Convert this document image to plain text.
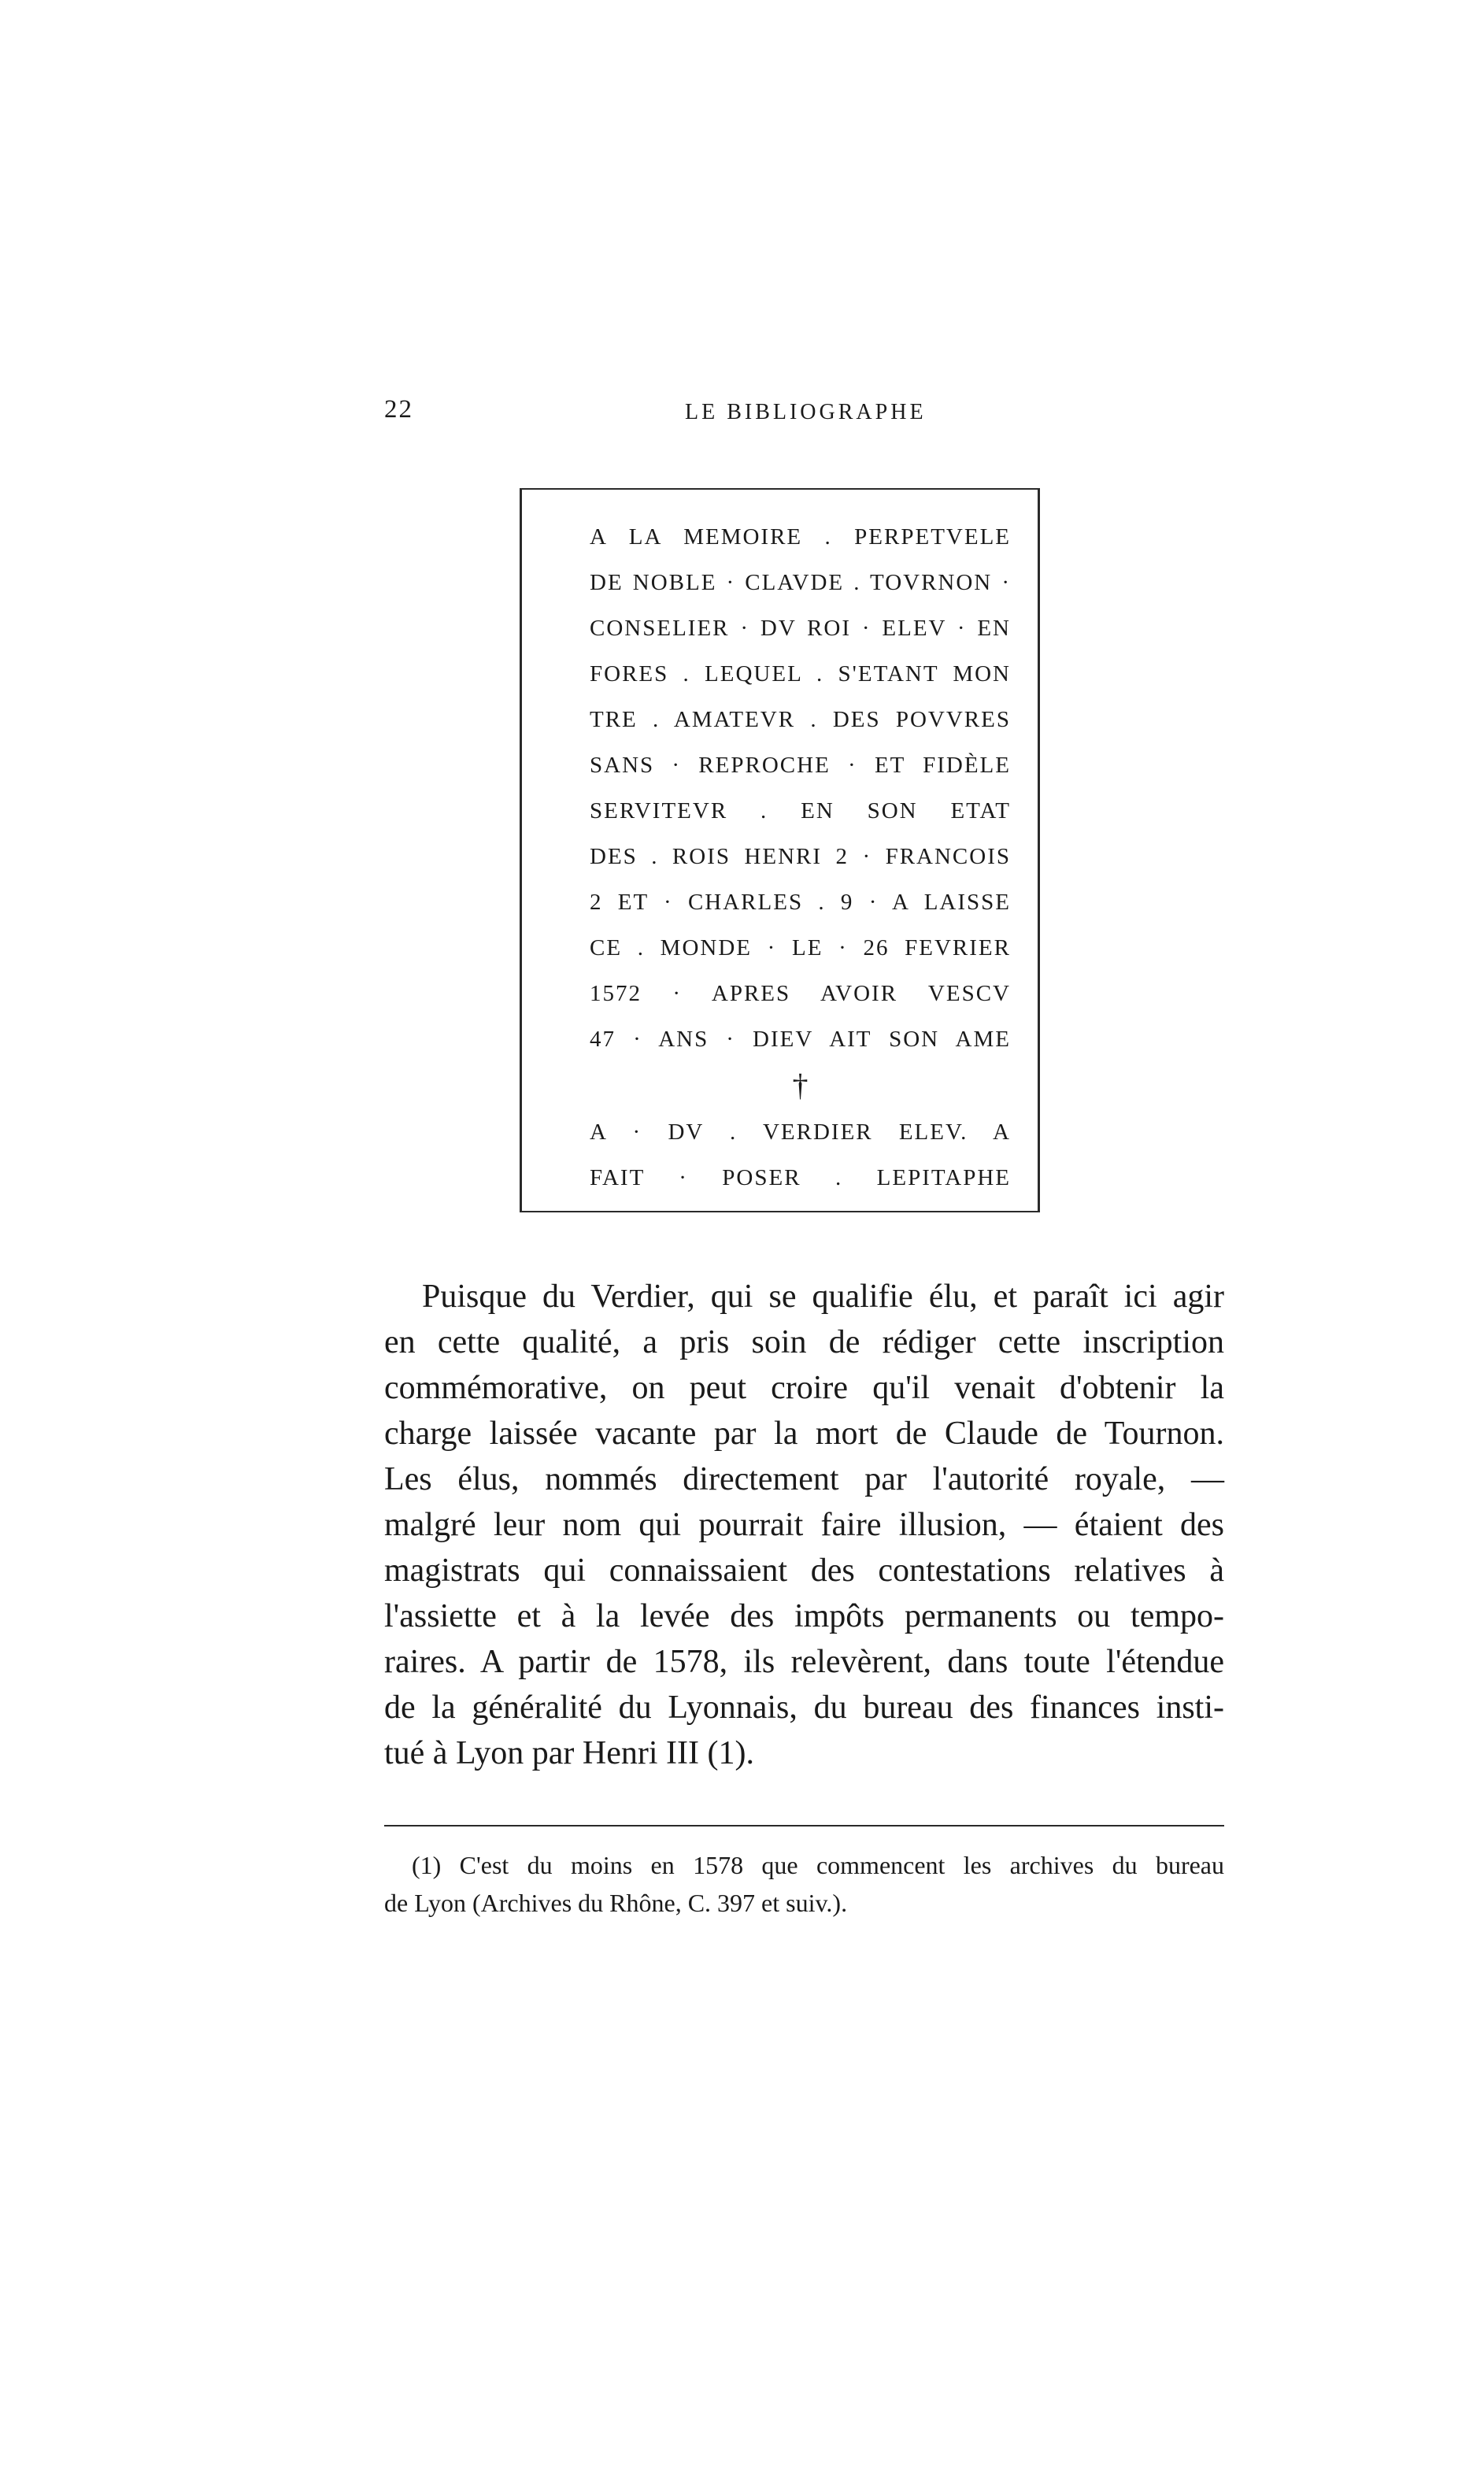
22	LE BIBLIOGRAPHE
A LA MEMOIRE . PERPETVELE
DE NOBLE · CLAVDE . TOVRNON ·
CONSELIER · DV ROI · ELEV · EN
FORES . LEQUEL . S'ETANT MON
TRE . AMATEVR . DES POVVRES
SANS · REPROCHE · ET FIDÈLE
SERVITEVR . EN SON ETAT
DES . ROIS HENRI 2 · FRANCOIS
2 ET · CHARLES . 9 · A LAISSE
CE . MONDE · LE · 26 FEVRIER
1572 · APRES AVOIR VESCV
47 · ANS · DIEV AIT SON AME
†
A · DV . VERDIER ELEV. A
FAIT · POSER . LEPITAPHE
Puisque du Verdier, qui se qualifie élu, et paraît ici agir
en cette qualité, a pris soin de rédiger cette inscription
commémorative, on peut croire qu'il venait d'obtenir la
charge laissée vacante par la mort de Claude de Tournon.
Les élus, nommés directement par l'autorité royale, —
malgré leur nom qui pourrait faire illusion, — étaient des
magistrats qui connaissaient des contestations relatives à
l'assiette et à la levée des impôts permanents ou tempo-
raires. A partir de 1578, ils relevèrent, dans toute l'étendue
de la généralité du Lyonnais, du bureau des finances insti-
tué à Lyon par Henri III (1).
(1) C'est du moins en 1578 que commencent les archives du bureau
de Lyon (Archives du Rhône, C. 397 et suiv.).
